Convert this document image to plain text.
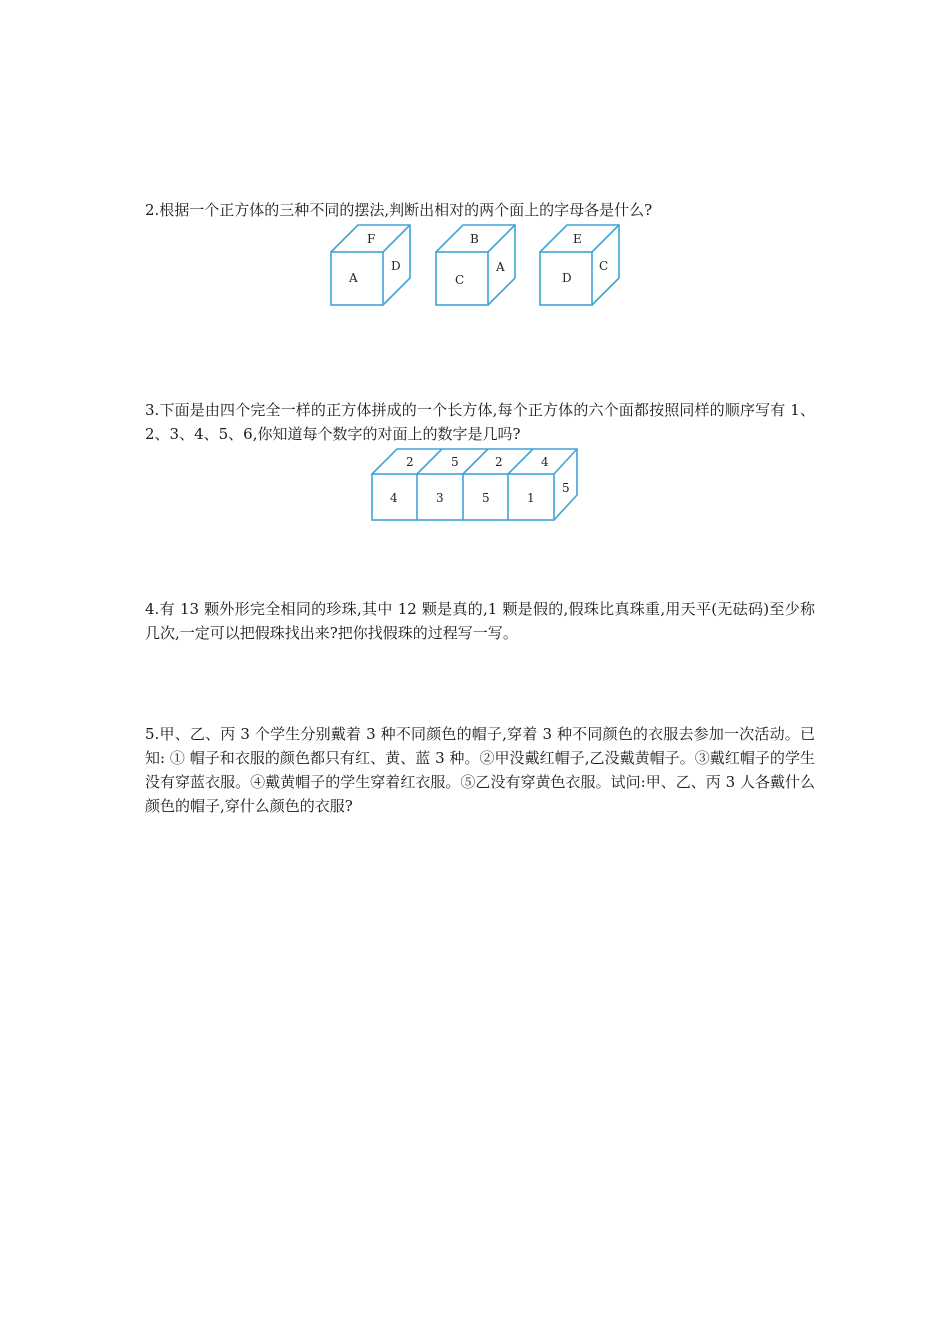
2.根据一个正方体的三种不同的摆法,判断出相对的两个面上的字母各是什么?

F
A
D
B
C
A
E
D
C

3.下面是由四个完全一样的正方体拼成的一个长方体,每个正方体的六个面都按照同样的顺序写有 1、2、3、4、5、6,你知道每个数字的对面上的数字是几吗?

2	5	2	4
4	3	5	1
5

4.有 13 颗外形完全相同的珍珠,其中 12 颗是真的,1 颗是假的,假珠比真珠重,用天平(无砝码)至少称几次,一定可以把假珠找出来?把你找假珠的过程写一写。

5.甲、乙、丙 3 个学生分别戴着 3 种不同颜色的帽子,穿着 3 种不同颜色的衣服去参加一次活动。已知: ① 帽子和衣服的颜色都只有红、黄、蓝 3 种。②甲没戴红帽子,乙没戴黄帽子。③戴红帽子的学生没有穿蓝衣服。④戴黄帽子的学生穿着红衣服。⑤乙没有穿黄色衣服。试问:甲、乙、丙 3 人各戴什么颜色的帽子,穿什么颜色的衣服?
